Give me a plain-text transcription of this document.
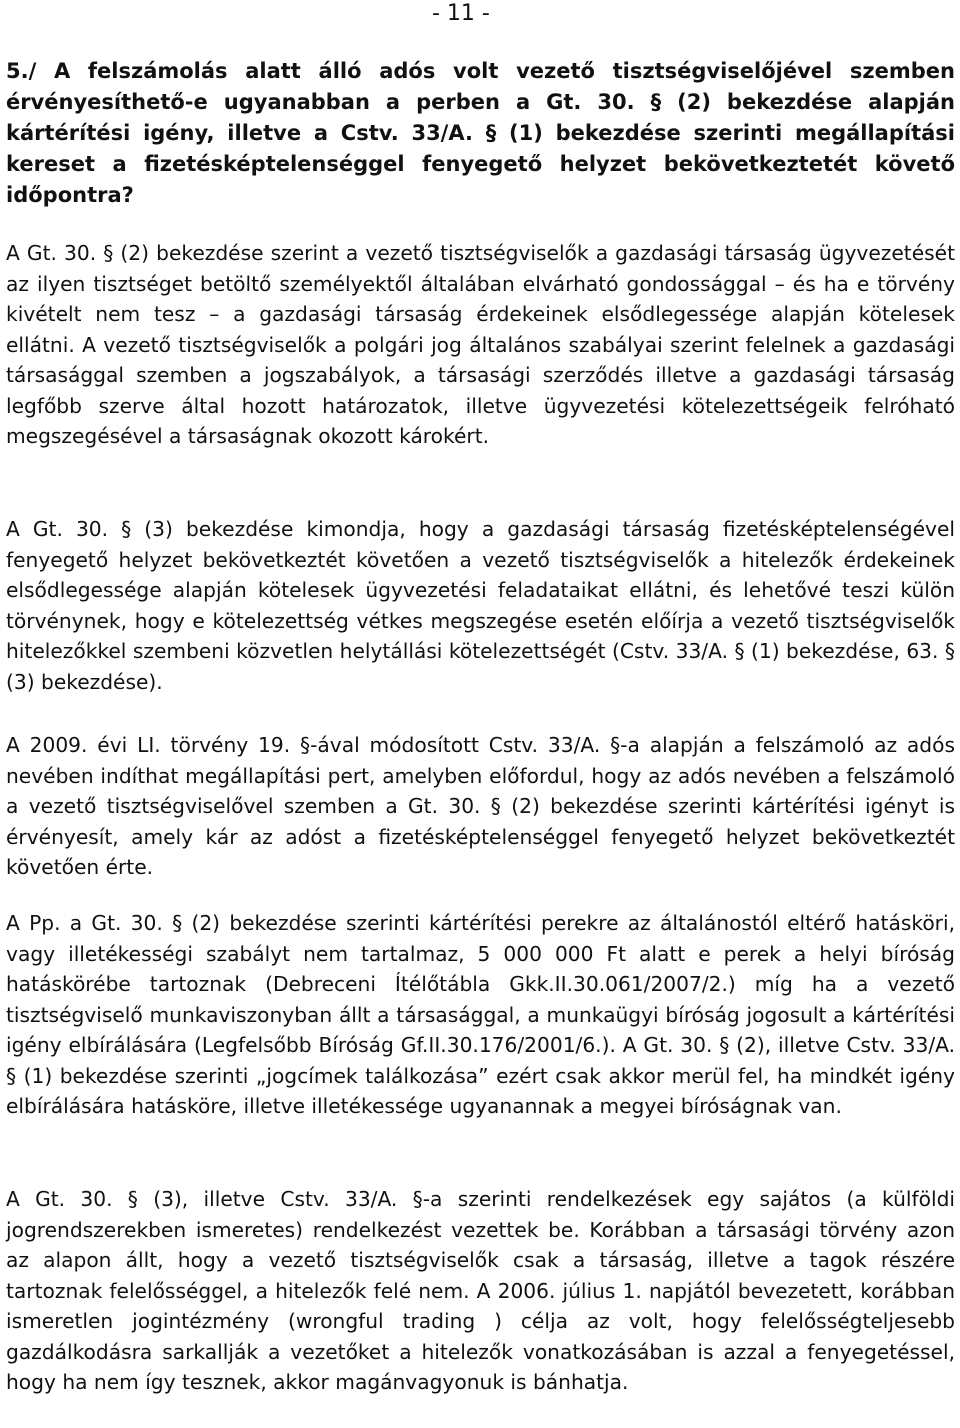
- 11 -
5./ A felszámolás alatt álló adós volt vezető tisztségviselőjével szemben érvényesíthető-e ugyanabban a perben a Gt. 30. § (2) bekezdése alapján kártérítési igény, illetve a Cstv. 33/A. § (1) bekezdése szerinti megállapítási kereset a fizetésképtelenséggel fenyegető helyzet bekövetkeztetét követő időpontra?

A Gt. 30. § (2) bekezdése szerint a vezető tisztségviselők a gazdasági társaság ügyvezetését az ilyen tisztséget betöltő személyektől általában elvárható gondossággal – és ha e törvény kivételt nem tesz – a gazdasági társaság érdekeinek elsődlegessége alapján kötelesek ellátni. A vezető tisztségviselők a polgári jog általános szabályai szerint felelnek a gazdasági társasággal szemben a jogszabályok, a társasági szerződés illetve a gazdasági társaság legfőbb szerve által hozott határozatok, illetve ügyvezetési kötelezettségeik felróható megszegésével a társaságnak okozott károkért.

A Gt. 30. § (3) bekezdése kimondja, hogy a gazdasági társaság fizetésképtelenségével fenyegető helyzet bekövetkeztét követően a vezető tisztségviselők a hitelezők érdekeinek elsődlegessége alapján kötelesek ügyvezetési feladataikat ellátni, és lehetővé teszi külön törvénynek, hogy e kötelezettség vétkes megszegése esetén előírja a vezető tisztségviselők hitelezőkkel szembeni közvetlen helytállási kötelezettségét (Cstv. 33/A. § (1) bekezdése, 63. § (3) bekezdése).

A 2009. évi LI. törvény 19. §-ával módosított Cstv. 33/A. §-a alapján a felszámoló az adós nevében indíthat megállapítási pert, amelyben előfordul, hogy az adós nevében a felszámoló a vezető tisztségviselővel szemben a Gt. 30. § (2) bekezdése szerinti kártérítési igényt is érvényesít, amely kár az adóst a fizetésképtelenséggel fenyegető helyzet bekövetkeztét követően érte.

A Pp. a Gt. 30. § (2) bekezdése szerinti kártérítési perekre az általánostól eltérő hatásköri, vagy illetékességi szabályt nem tartalmaz, 5 000 000 Ft alatt e perek a helyi bíróság hatáskörébe tartoznak (Debreceni Ítélőtábla Gkk.II.30.061/2007/2.) míg ha a vezető tisztségviselő munkaviszonyban állt a társasággal, a munkaügyi bíróság jogosult a kártérítési igény elbírálására (Legfelsőbb Bíróság Gf.II.30.176/2001/6.). A Gt. 30. § (2), illetve Cstv. 33/A. § (1) bekezdése szerinti „jogcímek találkozása” ezért csak akkor merül fel, ha mindkét igény elbírálására hatásköre, illetve illetékessége ugyanannak a megyei bíróságnak van.

A Gt. 30. § (3), illetve Cstv. 33/A. §-a szerinti rendelkezések egy sajátos (a külföldi jogrendszerekben ismeretes) rendelkezést vezettek be. Korábban a társasági törvény azon az alapon állt, hogy a vezető tisztségviselők csak a társaság, illetve a tagok részére tartoznak felelősséggel, a hitelezők felé nem. A 2006. július 1. napjától bevezetett, korábban ismeretlen jogintézmény (wrongful trading ) célja az volt, hogy felelősségteljesebb gazdálkodásra sarkallják a vezetőket a hitelezők vonatkozásában is azzal a fenyegetéssel, hogy ha nem így tesznek, akkor magánvagyonuk is bánhatja.
